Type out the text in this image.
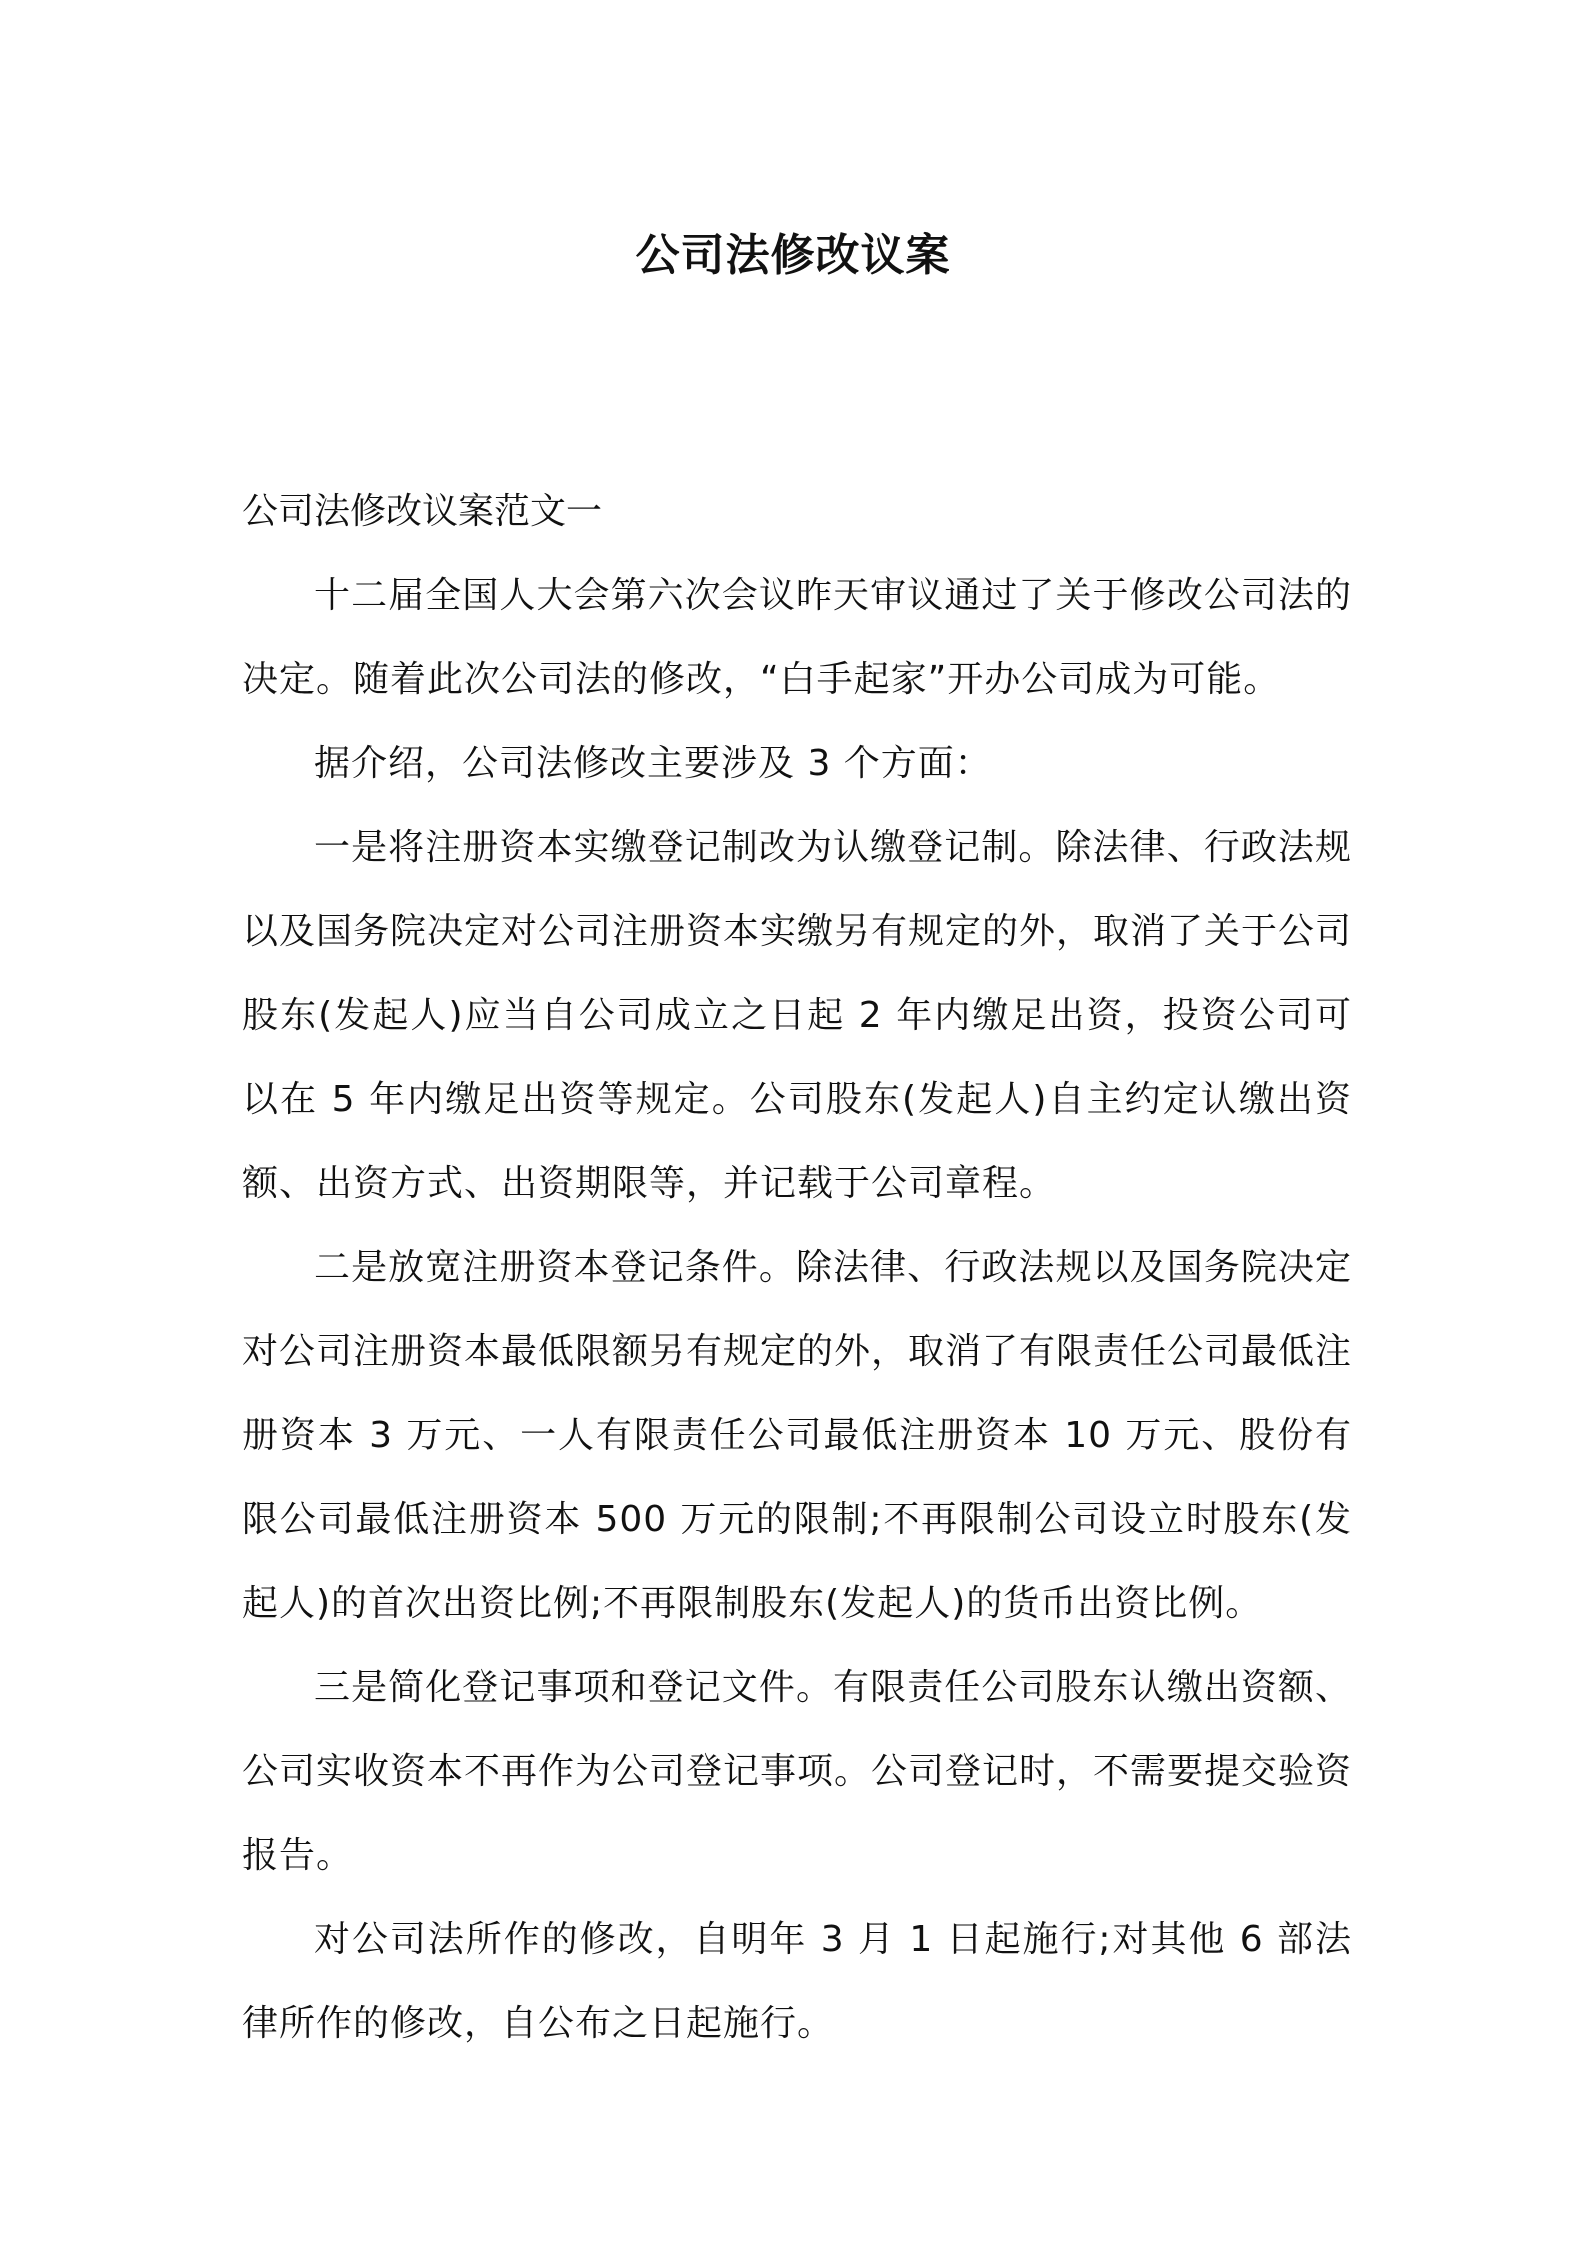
公司法修改议案

公司法修改议案范文一

十二届全国人大会第六次会议昨天审议通过了关于修改公司法的决定。随着此次公司法的修改，“白手起家”开办公司成为可能。

据介绍，公司法修改主要涉及 3 个方面：

一是将注册资本实缴登记制改为认缴登记制。除法律、行政法规以及国务院决定对公司注册资本实缴另有规定的外，取消了关于公司股东(发起人)应当自公司成立之日起 2 年内缴足出资，投资公司可以在 5 年内缴足出资等规定。公司股东(发起人)自主约定认缴出资额、出资方式、出资期限等，并记载于公司章程。

二是放宽注册资本登记条件。除法律、行政法规以及国务院决定对公司注册资本最低限额另有规定的外，取消了有限责任公司最低注册资本 3 万元、一人有限责任公司最低注册资本 10 万元、股份有限公司最低注册资本 500 万元的限制;不再限制公司设立时股东(发起人)的首次出资比例;不再限制股东(发起人)的货币出资比例。

三是简化登记事项和登记文件。有限责任公司股东认缴出资额、公司实收资本不再作为公司登记事项。公司登记时，不需要提交验资报告。

对公司法所作的修改，自明年 3 月 1 日起施行;对其他 6 部法律所作的修改，自公布之日起施行。
